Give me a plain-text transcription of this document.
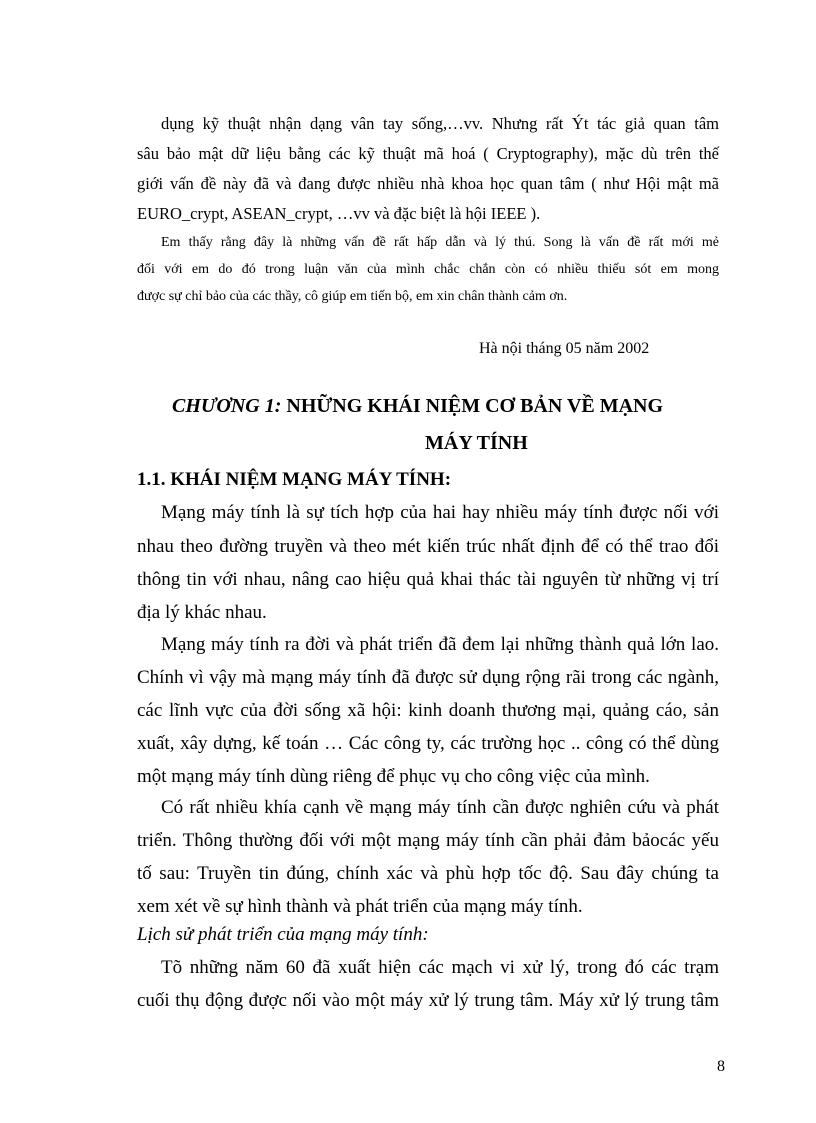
dụng kỹ thuật nhận dạng vân tay sống,…vv. Nhưng rất Ýt tác giả quan tâm
sâu bảo mật dữ liệu bằng các kỹ thuật mã hoá ( Cryptography), mặc dù trên thế
giới vấn đề này đã và đang được nhiều nhà khoa học quan tâm ( như Hội mật mã
EURO_crypt, ASEAN_crypt, …vv và đặc biệt là hội IEEE ).
Em thấy rằng đây là những vấn đề rất hấp dẫn và lý thú. Song là vấn đề rất mới mẻ
đối với em do đó trong luận văn của mình chắc chắn còn có nhiều thiếu sót em mong
được sự chỉ bảo của các thầy, cô giúp em tiến bộ, em xin chân thành cảm ơn.
Hà nội tháng 05 năm 2002
CHƯƠNG 1: NHỮNG KHÁI NIỆM CƠ BẢN VỀ MẠNG
MÁY TÍNH
1.1. KHÁI NIỆM MẠNG MÁY TÍNH:
Mạng máy tính là sự tích hợp của hai hay nhiều máy tính được nối với
nhau theo đường truyền và theo mét kiến trúc nhất định để có thể trao đổi
thông tin với nhau, nâng cao hiệu quả khai thác tài nguyên từ những vị trí
địa lý khác nhau.
Mạng máy tính ra đời và phát triển đã đem lại những thành quả lớn lao.
Chính vì vậy mà mạng máy tính đã được sử dụng rộng rãi trong các ngành,
các lĩnh vực của đời sống xã hội: kinh doanh thương mại, quảng cáo, sản
xuất, xây dựng, kế toán … Các công ty, các trường học .. công có thể dùng
một mạng máy tính dùng riêng để phục vụ cho công việc của mình.
Có rất nhiều khía cạnh về mạng máy tính cần được nghiên cứu và phát
triển. Thông thường đối với một mạng máy tính cần phải đảm bảocác yếu
tố sau: Truyền tin đúng, chính xác và phù hợp tốc độ. Sau đây chúng ta
xem xét về sự hình thành và phát triển của mạng máy tính.
Lịch sử phát triển của mạng máy tính:
Tõ những năm 60 đã xuất hiện các mạch vi xử lý, trong đó các trạm
cuối thụ động được nối vào một máy xử lý trung tâm. Máy xử lý trung tâm
8
